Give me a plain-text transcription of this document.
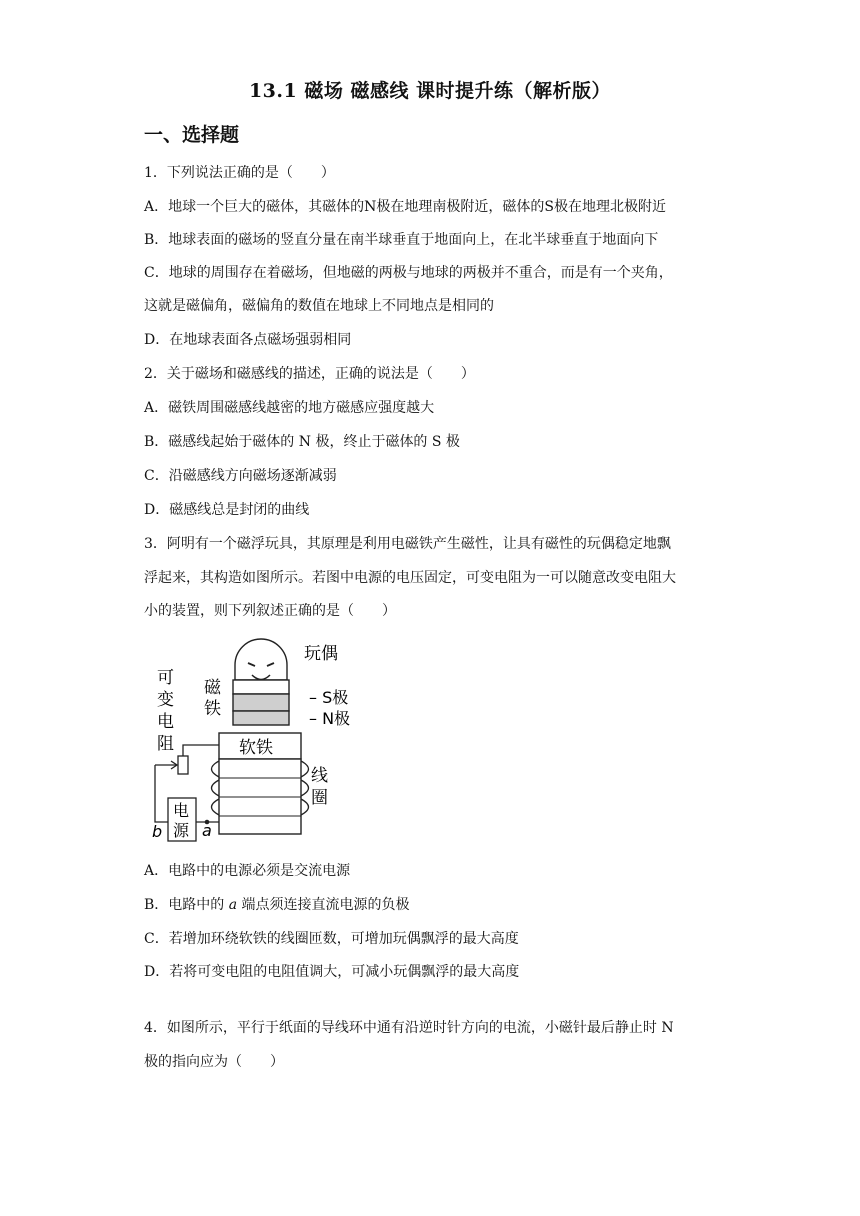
13.1 磁场 磁感线 课时提升练（解析版）
一、选择题
1．下列说法正确的是（　　）
A．地球一个巨大的磁体，其磁体的N极在地理南极附近，磁体的S极在地理北极附近
B．地球表面的磁场的竖直分量在南半球垂直于地面向上，在北半球垂直于地面向下
C．地球的周围存在着磁场，但地磁的两极与地球的两极并不重合，而是有一个夹角，
这就是磁偏角，磁偏角的数值在地球上不同地点是相同的
D．在地球表面各点磁场强弱相同
2．关于磁场和磁感线的描述，正确的说法是（　　）
A．磁铁周围磁感线越密的地方磁感应强度越大
B．磁感线起始于磁体的 N 极，终止于磁体的 S 极
C．沿磁感线方向磁场逐渐减弱
D．磁感线总是封闭的曲线
3．阿明有一个磁浮玩具，其原理是利用电磁铁产生磁性，让具有磁性的玩偶稳定地飘
浮起来，其构造如图所示。若图中电源的电压固定，可变电阻为一可以随意改变电阻大
小的装置，则下列叙述正确的是（　　）
玩偶
磁
铁
– S极
– N极
可
变
电
阻	软铁
线
圈
电
源
b a
A．电路中的电源必须是交流电源
B．电路中的 a 端点须连接直流电源的负极
C．若增加环绕软铁的线圈匝数，可增加玩偶飘浮的最大高度
D．若将可变电阻的电阻值调大，可减小玩偶飘浮的最大高度
4．如图所示，平行于纸面的导线环中通有沿逆时针方向的电流，小磁针最后静止时 N
极的指向应为（　　）
